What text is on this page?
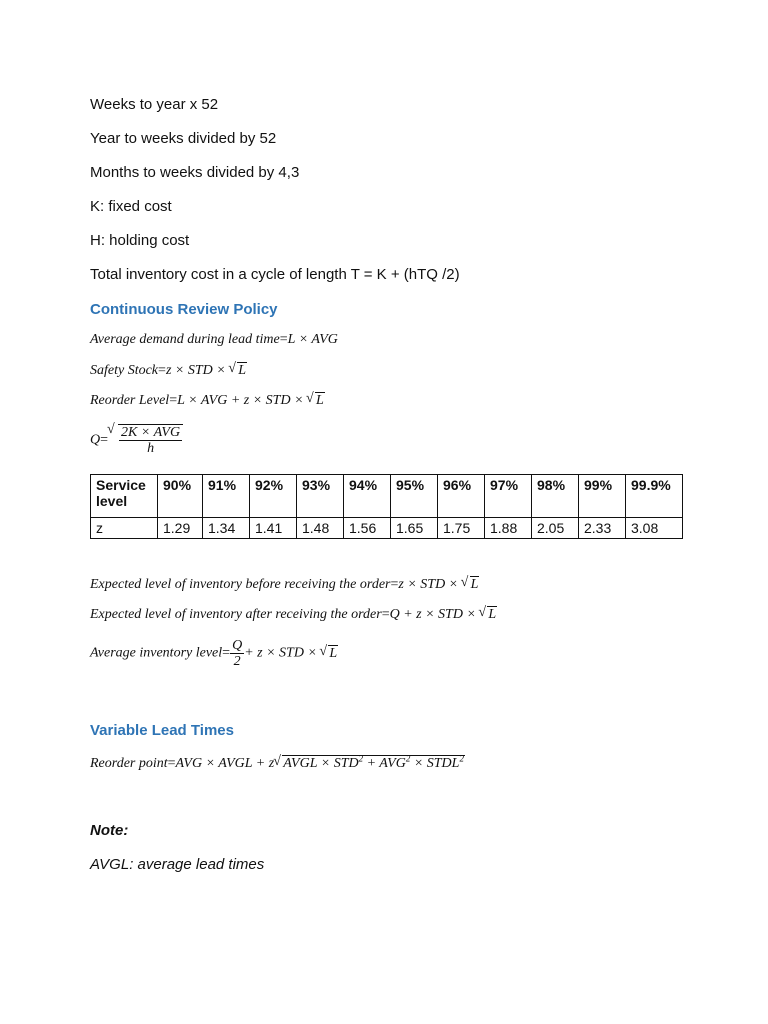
Weeks to year x 52
Year to weeks divided by 52
Months to weeks divided by 4,3
K: fixed cost
H: holding cost
Total inventory cost in a cycle of length T = K + (hTQ /2)
Continuous Review Policy
Average demand during lead time=L × AVG
Safety Stock=z × STD × √ L
Reorder Level=L × AVG + z × STD × √ L
Q= √ $\frac{\text{2K × AVG}}{h}$
Service level	90%	91%	92%	93%	94%	95%	96%	97%	98%	99%	99.9%
z	1.29	1.34	1.41	1.48	1.56	1.65	1.75	1.88	2.05	2.33	3.08
Expected level of inventory before receiving the order=z × STD × √ L
Expected level of inventory after receiving the order=Q + z × STD × √ L
Average inventory level= $\frac{Q}{2} + z$ × STD × √ L
Variable Lead Times
Reorder point=AVG × AVGL + z √ AVGL × $STD^2 + AVG^2$ × $STDL^2$
Note:
AVGL: average lead times
